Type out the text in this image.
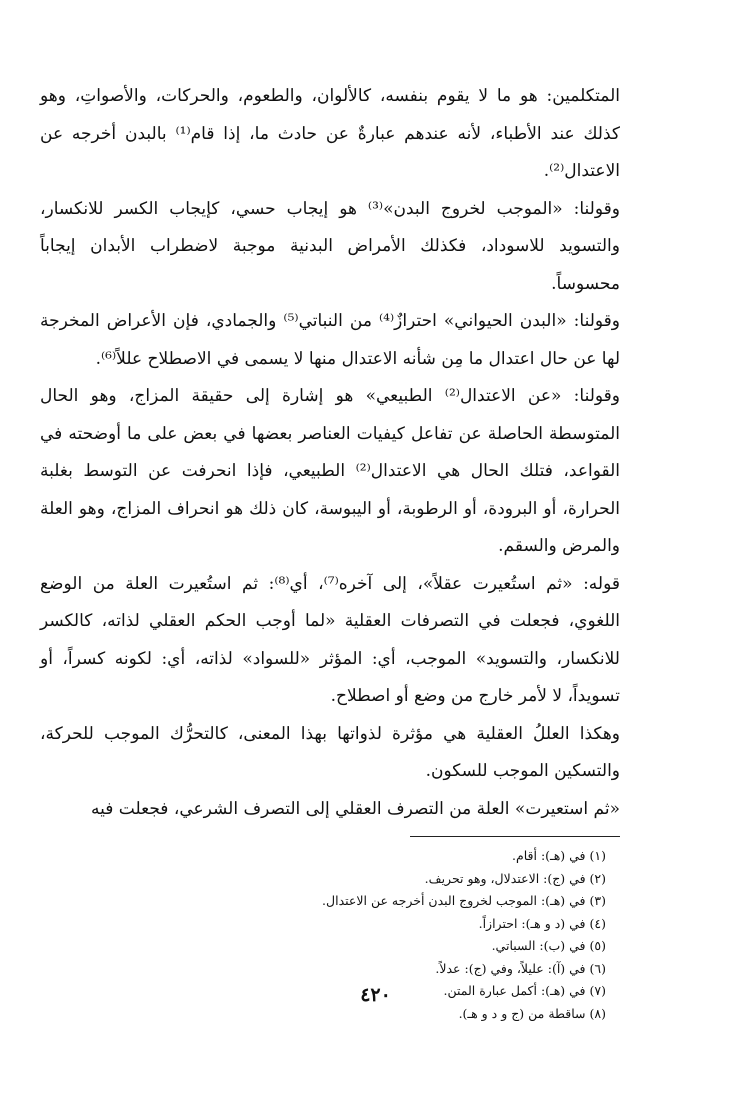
المتكلمين: هو ما لا يقوم بنفسه، كالألوان، والطعوم، والحركات، والأصواتِ، وهو كذلك عند الأطباء، لأنه عندهم عبارةٌ عن حادث ما، إذا قام⁽¹⁾ بالبدن أخرجه عن الاعتدال⁽²⁾.

وقولنا: «الموجب لخروج البدن»⁽³⁾ هو إيجاب حسي، كإيجاب الكسر للانكسار، والتسويد للاسوداد، فكذلك الأمراض البدنية موجبة لاضطراب الأبدان إيجاباً محسوساً.

وقولنا: «البدن الحيواني» احترازٌ⁽⁴⁾ من النباتي⁽⁵⁾ والجمادي، فإن الأعراض المخرجة لها عن حال اعتدال ما مِن شأنه الاعتدال منها لا يسمى في الاصطلاح عللاً⁽⁶⁾.

وقولنا: «عن الاعتدال⁽²⁾ الطبيعي» هو إشارة إلى حقيقة المزاج، وهو الحال المتوسطة الحاصلة عن تفاعل كيفيات العناصر بعضها في بعض على ما أوضحته في القواعد، فتلك الحال هي الاعتدال⁽²⁾ الطبيعي، فإذا انحرفت عن التوسط بغلبة الحرارة، أو البرودة، أو الرطوبة، أو اليبوسة، كان ذلك هو انحراف المزاج، وهو العلة والمرض والسقم.

قوله: «ثم استُعيرت عقلاً»، إلى آخره⁽⁷⁾، أي⁽⁸⁾: ثم استُعيرت العلة من الوضع اللغوي، فجعلت في التصرفات العقلية «لما أوجب الحكم العقلي لذاته، كالكسر للانكسار، والتسويد» الموجب، أي: المؤثر «للسواد» لذاته، أي: لكونه كسراً، أو تسويداً، لا لأمر خارج من وضع أو اصطلاح.

وهكذا العللُ العقلية هي مؤثرة لذواتها بهذا المعنى، كالتحرُّك الموجب للحركة، والتسكين الموجب للسكون.

«ثم استعيرت» العلة من التصرف العقلي إلى التصرف الشرعي، فجعلت فيه

(١) في (هـ): أقام.
(٢) في (ج): الاعتدلال، وهو تحريف.
(٣) في (هـ): الموجب لخروج البدن أخرجه عن الاعتدال.
(٤) في (د و هـ): احترازاً.
(٥) في (ب): السباتي.
(٦) في (آ): عليلاً، وفي (ج): عدلاً.
(٧) في (هـ): أكمل عبارة المتن.
(٨) ساقطة من (ج و د و هـ).
٤٢٠
